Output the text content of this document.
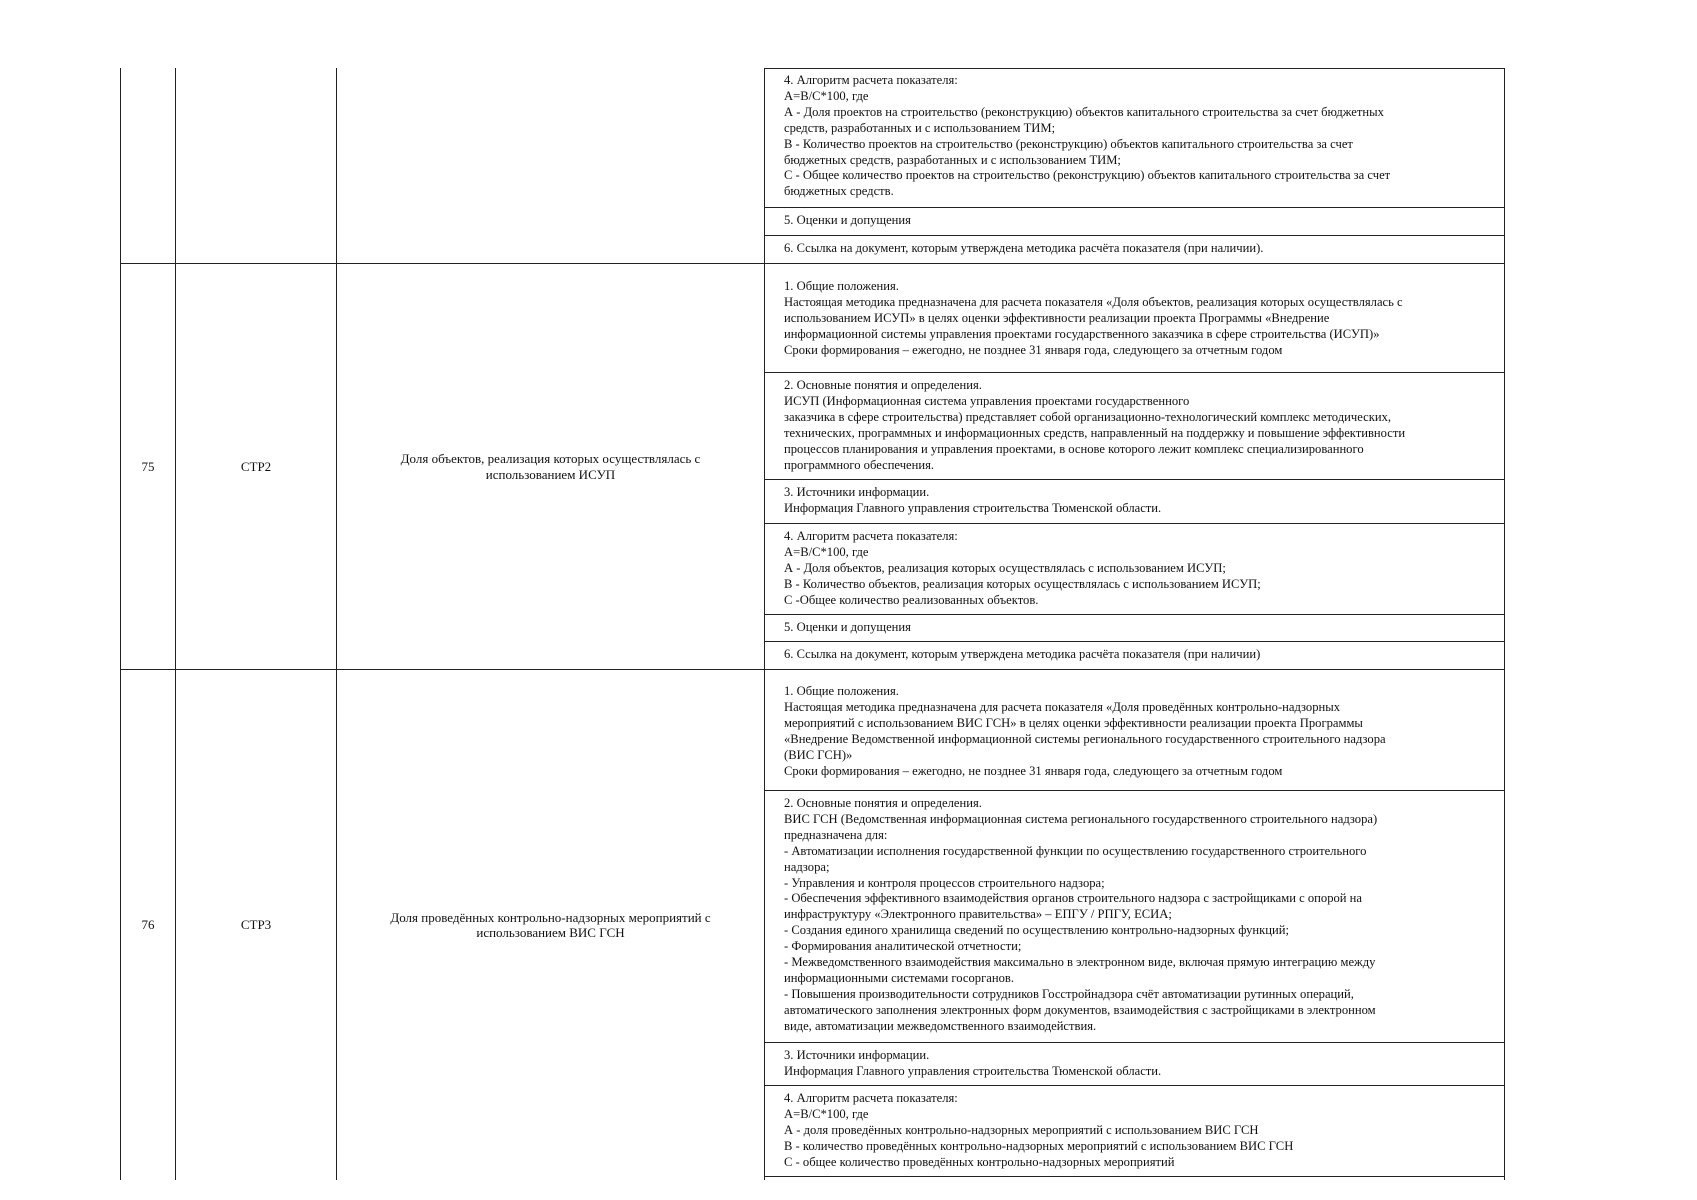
4. Алгоритм расчета показателя:
A=B/C*100, где
А - Доля проектов на строительство (реконструкцию) объектов капитального строительства за счет бюджетных
средств, разработанных и с использованием ТИМ;
В - Количество проектов на строительство (реконструкцию) объектов капитального строительства за счет
бюджетных средств, разработанных и с использованием ТИМ;
С - Общее количество проектов на строительство (реконструкцию) объектов капитального строительства за счет
бюджетных средств.
5. Оценки и допущения
6. Ссылка на документ, которым утверждена методика расчёта показателя (при наличии).
75	СТР2
Доля объектов, реализация которых осуществлялась с
использованием ИСУП
1. Общие положения.
Настоящая методика предназначена для расчета показателя «Доля объектов, реализация которых осуществлялась с
использованием ИСУП» в целях оценки эффективности реализации проекта Программы «Внедрение
информационной системы управления проектами государственного заказчика в сфере строительства (ИСУП)»
Сроки формирования – ежегодно, не позднее 31 января года, следующего за отчетным годом
2. Основные понятия и определения.
ИСУП (Информационная система управления проектами государственного
заказчика в сфере строительства) представляет собой организационно-технологический комплекс методических,
технических, программных и информационных средств, направленный на поддержку и повышение эффективности
процессов планирования и управления проектами, в основе которого лежит комплекс специализированного
программного обеспечения.
3. Источники информации.
Информация Главного управления строительства Тюменской области.
4. Алгоритм расчета показателя:
A=B/C*100, где
А - Доля объектов, реализация которых осуществлялась с использованием ИСУП;
В - Количество объектов, реализация которых осуществлялась с использованием ИСУП;
С -Общее количество реализованных объектов.
5. Оценки и допущения
6. Ссылка на документ, которым утверждена методика расчёта показателя (при наличии)
76	СТР3
Доля проведённых контрольно-надзорных мероприятий с
использованием ВИС ГСН
1. Общие положения.
Настоящая методика предназначена для расчета показателя «Доля проведённых контрольно-надзорных
мероприятий с использованием ВИС ГСН» в целях оценки эффективности реализации проекта Программы
«Внедрение Ведомственной информационной системы регионального государственного строительного надзора
(ВИС ГСН)»
Сроки формирования – ежегодно, не позднее 31 января года, следующего за отчетным годом
2. Основные понятия и определения.
ВИС ГСН (Ведомственная информационная система регионального государственного строительного надзора)
предназначена для:
- Автоматизации исполнения государственной функции по осуществлению государственного строительного
надзора;
- Управления и контроля процессов строительного надзора;
- Обеспечения эффективного взаимодействия органов строительного надзора с застройщиками с опорой на
инфраструктуру «Электронного правительства» – ЕПГУ / РПГУ, ЕСИА;
- Создания единого хранилища сведений по осуществлению контрольно-надзорных функций;
- Формирования аналитической отчетности;
- Межведомственного взаимодействия максимально в электронном виде, включая прямую интеграцию между
информационными системами госорганов.
- Повышения производительности сотрудников Госстройнадзора счёт автоматизации рутинных операций,
автоматического заполнения электронных форм документов, взаимодействия с застройщиками в электронном
виде, автоматизации межведомственного взаимодействия.
3. Источники информации.
Информация Главного управления строительства Тюменской области.
4. Алгоритм расчета показателя:
A=B/C*100, где
А - доля проведённых контрольно-надзорных мероприятий с использованием ВИС ГСН
В - количество проведённых контрольно-надзорных мероприятий с использованием ВИС ГСН
С - общее количество проведённых контрольно-надзорных мероприятий
